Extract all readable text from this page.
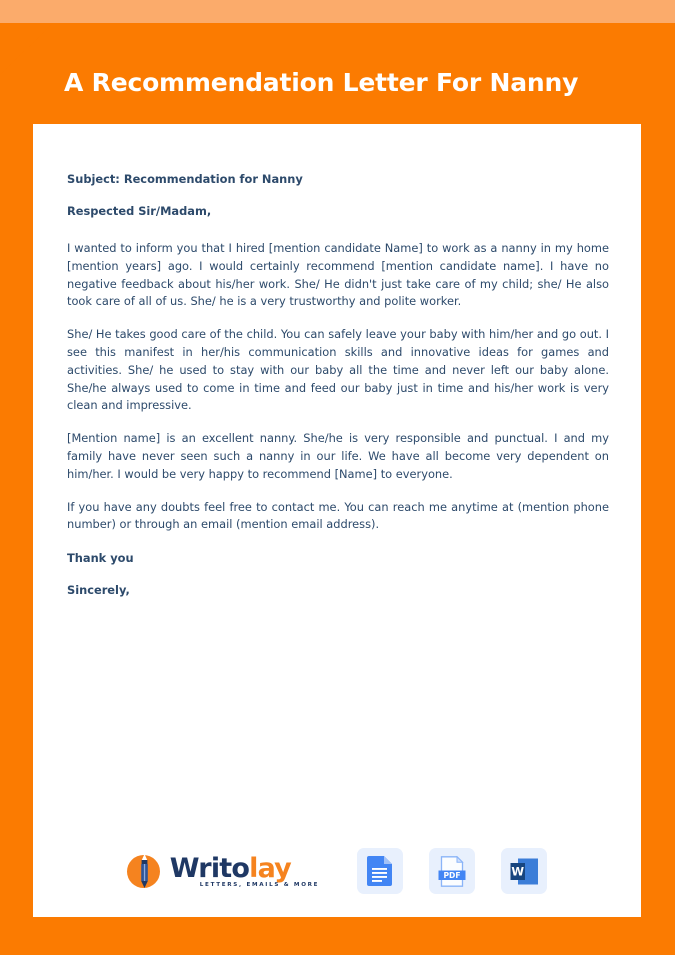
A Recommendation Letter For Nanny
Subject: Recommendation for Nanny
Respected Sir/Madam,
I wanted to inform you that I hired [mention candidate Name] to work as a nanny in my home [mention years] ago. I would certainly recommend [mention candidate name]. I have no negative feedback about his/her work. She/ He didn't just take care of my child; she/ He also took care of all of us. She/ he is a very trustworthy and polite worker.
She/ He takes good care of the child. You can safely leave your baby with him/her and go out. I see this manifest in her/his communication skills and innovative ideas for games and activities. She/ he used to stay with our baby all the time and never left our baby alone. She/he always used to come in time and feed our baby just in time and his/her work is very clean and impressive.
[Mention name] is an excellent nanny. She/he is very responsible and punctual. I and my family have never seen such a nanny in our life. We have all become very dependent on him/her. I would be very happy to recommend [Name] to everyone.
If you have any doubts feel free to contact me. You can reach me anytime at (mention phone number) or through an email (mention email address).
Thank you
Sincerely,
Writolay
LETTERS, EMAILS & MORE
PDF	W
